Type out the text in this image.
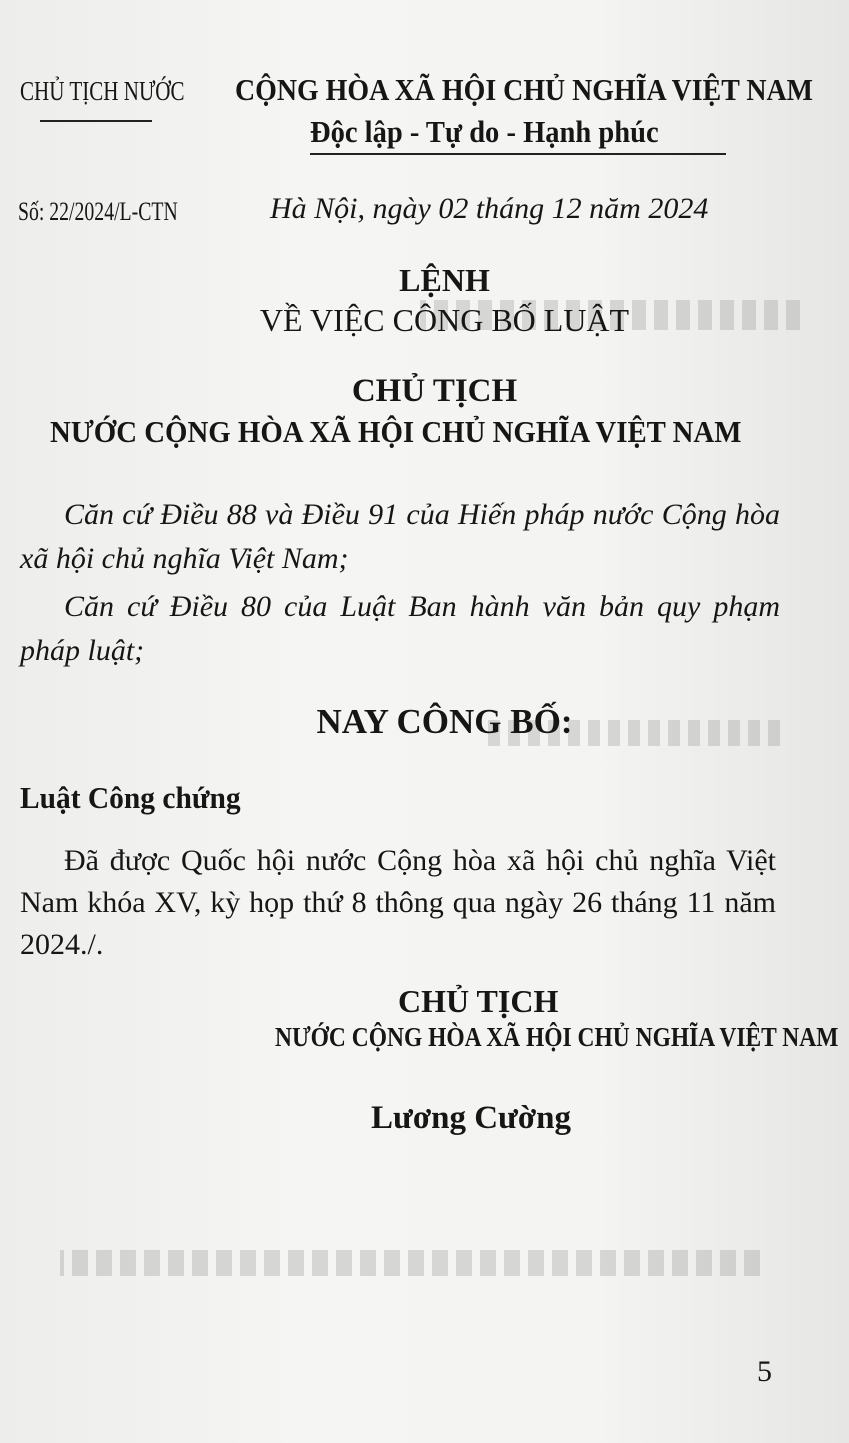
CHỦ TỊCH NƯỚC	CỘNG HÒA XÃ HỘI CHỦ NGHĨA VIỆT NAM
Độc lập - Tự do - Hạnh phúc
Số: 22/2024/L-CTN	Hà Nội, ngày 02 tháng 12 năm 2024
LỆNH
VỀ VIỆC CÔNG BỐ LUẬT
CHỦ TỊCH
NƯỚC CỘNG HÒA XÃ HỘI CHỦ NGHĨA VIỆT NAM
Căn cứ Điều 88 và Điều 91 của Hiến pháp nước Cộng hòa xã hội chủ nghĩa Việt Nam;
Căn cứ Điều 80 của Luật Ban hành văn bản quy phạm pháp luật;
NAY CÔNG BỐ:
Luật Công chứng
Đã được Quốc hội nước Cộng hòa xã hội chủ nghĩa Việt Nam khóa XV, kỳ họp thứ 8 thông qua ngày 26 tháng 11 năm 2024./.
CHỦ TỊCH
NƯỚC CỘNG HÒA XÃ HỘI CHỦ NGHĨA VIỆT NAM
Lương Cường
5
